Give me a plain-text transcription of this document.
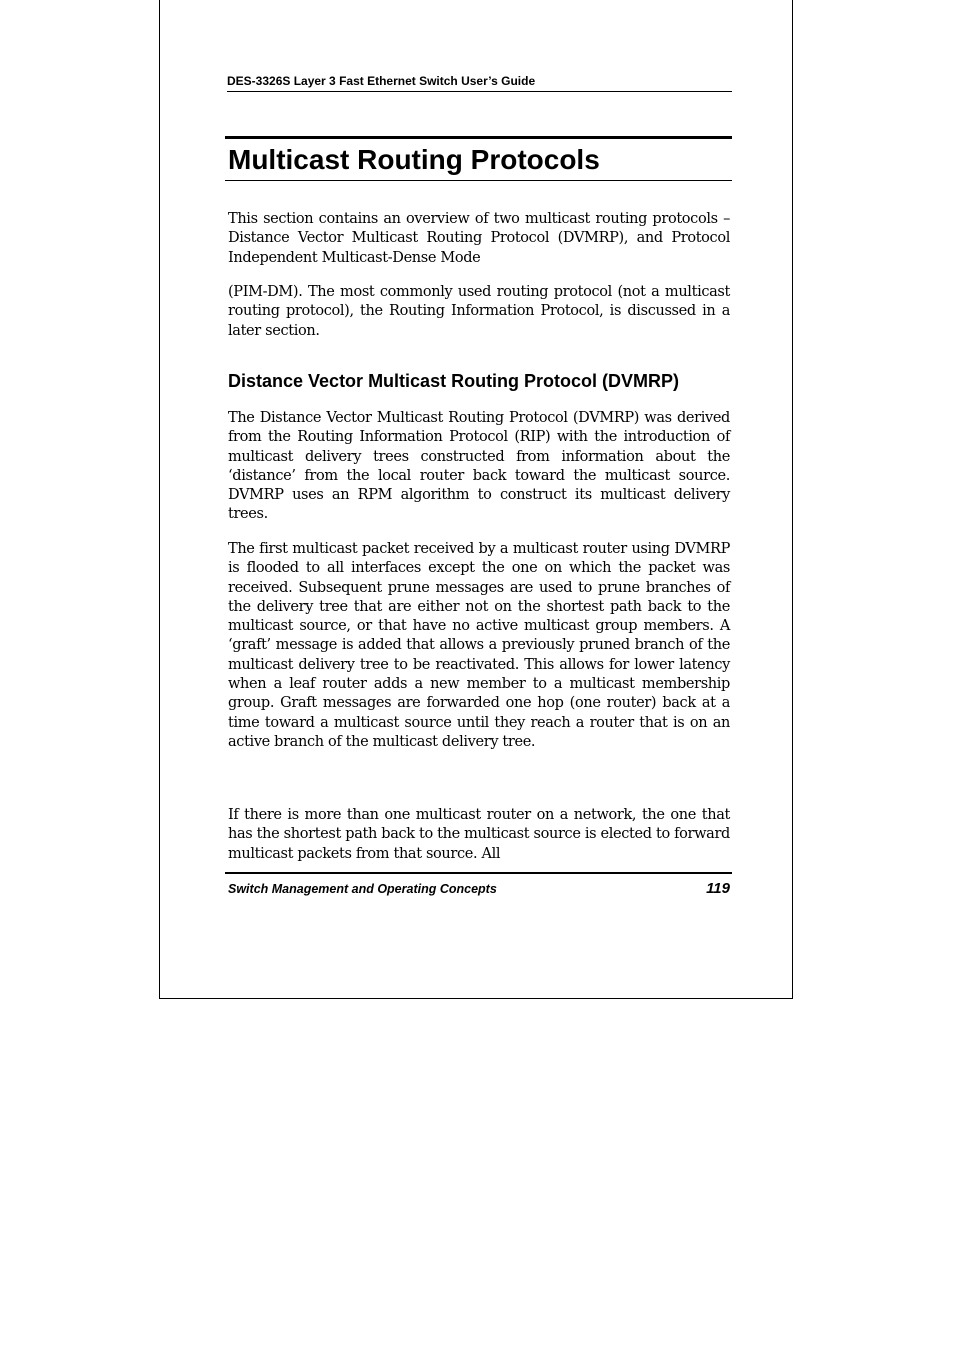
DES-3326S Layer 3 Fast Ethernet Switch User’s Guide
Multicast Routing Protocols

This section contains an overview of two multicast routing protocols – Distance Vector Multicast Routing Protocol (DVMRP), and Protocol Independent Multicast-Dense Mode

(PIM-DM). The most commonly used routing protocol (not a multicast routing protocol), the Routing Information Protocol, is discussed in a later section.

Distance Vector Multicast Routing Protocol (DVMRP)

The Distance Vector Multicast Routing Protocol (DVMRP) was derived from the Routing Information Protocol (RIP) with the introduction of multicast delivery trees constructed from information about the ‘distance’ from the local router back toward the multicast source. DVMRP uses an RPM algorithm to construct its multicast delivery trees.

The first multicast packet received by a multicast router using DVMRP is flooded to all interfaces except the one on which the packet was received. Subsequent prune messages are used to prune branches of the delivery tree that are either not on the shortest path back to the multicast source, or that have no active multicast group members. A ‘graft’ message is added that allows a previously pruned branch of the multicast delivery tree to be reactivated. This allows for lower latency when a leaf router adds a new member to a multicast membership group. Graft messages are forwarded one hop (one router) back at a time toward a multicast source until they reach a router that is on an active branch of the multicast delivery tree.

If there is more than one multicast router on a network, the one that has the shortest path back to the multicast source is elected to forward multicast packets from that source. All

Switch Management and Operating Concepts	119
